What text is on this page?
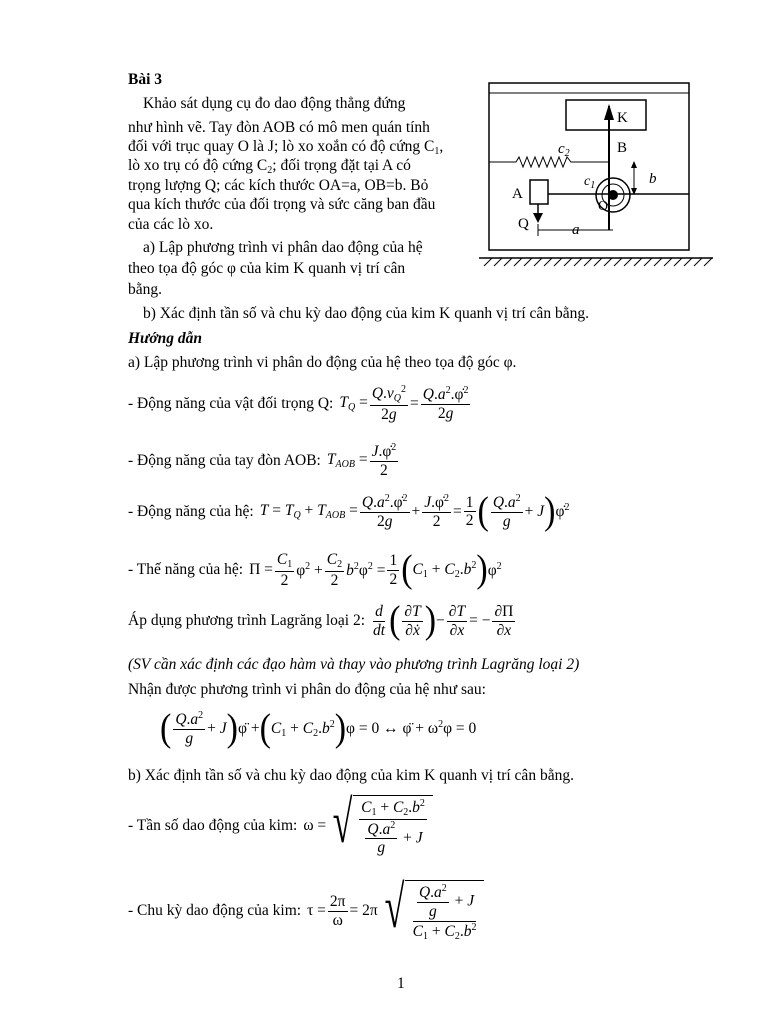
Bài 3
Khảo sát dụng cụ đo dao động thẳng đứng
như hình vẽ. Tay đòn AOB có mô men quán tính
đối với trục quay O là J; lò xo xoắn có độ cứng $C_1$,
lò xo trụ có độ cứng $C_2$; đối trọng đặt tại A có
trọng lượng Q; các kích thước OA=a, OB=b. Bỏ
qua kích thước của đối trọng và sức căng ban đầu
của các lò xo.
a) Lập phương trình vi phân dao động của hệ
theo tọa độ góc φ của kim K quanh vị trí cân
bằng.
b) Xác định tần số và chu kỳ dao động của kim K quanh vị trí cân bằng.
K
B
$c_2$
$c_1$
A
Q
O
a
b
Hướng dẫn
a) Lập phương trình vi phân do động của hệ theo tọa độ góc φ.
- Động năng của vật đối trọng Q: $T_Q = \frac{Q.v_Q^2}{2g} = \frac{Q.a^2.\varphi̇^2}{2g}$
- Động năng của tay đòn AOB: $T_{AOB} = \frac{J.\varphi̇^2}{2}$
- Động năng của hệ: $T = T_Q + T_{AOB} = \frac{Q.a^2.\varphi̇^2}{2g} + \frac{J.\varphi̇^2}{2} = \frac{1}{2}$ ( $\frac{Q.a^2}{g} + J$ ) φ̇$^2$
- Thế năng của hệ: $\Pi = \frac{C_1}{2} \varphi^2 + \frac{C_2}{2} b^2\varphi^2 = \frac{1}{2}$ ( $C_1 + C_2.b^2$ ) $\varphi^2$
Áp dụng phương trình Lagrăng loại 2: $\frac{d}{dt}$ ( $\frac{\partial T}{\text{∂ẋ}}$ ) − $\frac{\partial T}{\partial x}$ = − $\frac{\partial\Pi}{\partial x}$
(SV cần xác định các đạo hàm và thay vào phương trình Lagrăng loại 2)
Nhận được phương trình vi phân do động của hệ như sau:
( $\frac{Q.a^2}{g} + J$ ) φ̈ + ( $C_1 + C_2.b^2$ ) φ = 0 ↔ φ̈ + $\omega^2\varphi = 0$
b) Xác định tần số và chu kỳ dao động của kim K quanh vị trí cân bằng.
- Tần số dao động của kim: ω = √ $\frac{C_1 + C_2.b^2}{\frac{Q.a^2}{g} + J}$
- Chu kỳ dao động của kim: $\tau = \frac{2\pi}{\omega} = 2\pi$ √ $\frac{\frac{Q.a^2}{g} + J}{C_1 + C_2.b^2}$
1
